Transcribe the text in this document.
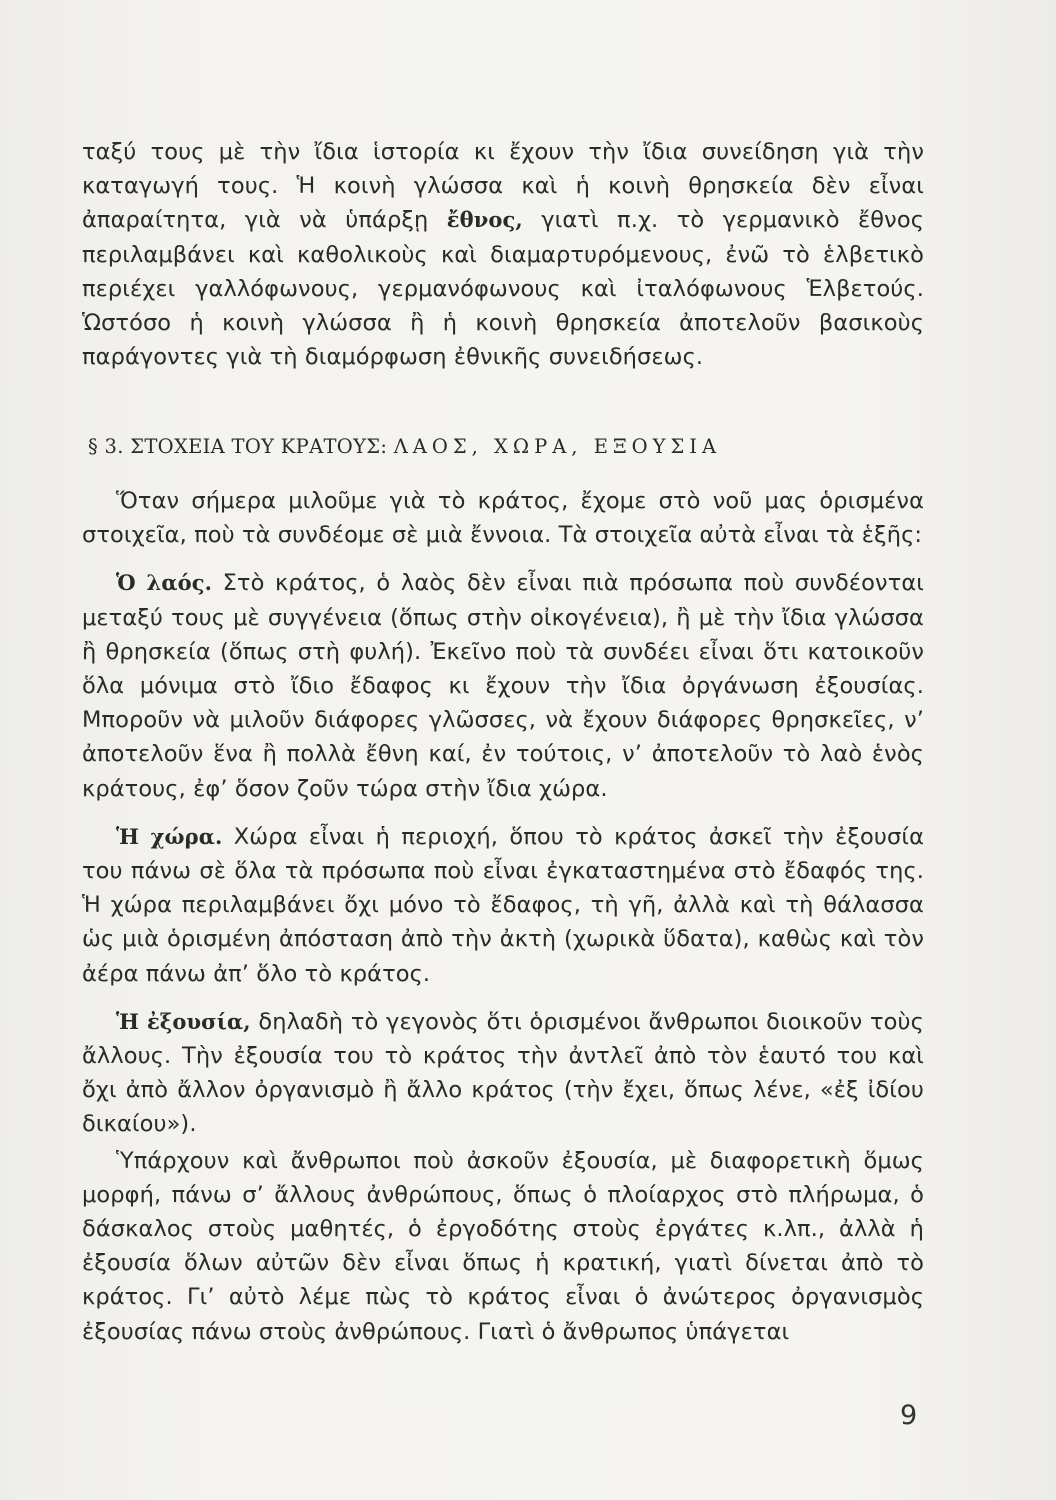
ταξύ τους μὲ τὴν ἴδια ἱστορία κι ἔχουν τὴν ἴδια συνείδηση γιὰ τὴν καταγωγή τους. Ἡ κοινὴ γλώσσα καὶ ἡ κοινὴ θρησκεία δὲν εἶναι ἀπαραίτητα, γιὰ νὰ ὑπάρξῃ ἔθνος, γιατὶ π.χ. τὸ γερμανικὸ ἔθνος περιλαμβάνει καὶ καθολικοὺς καὶ διαμαρτυρόμενους, ἐνῶ τὸ ἑλβετικὸ περιέχει γαλλόφωνους, γερμανόφωνους καὶ ἰταλόφωνους Ἑλβετούς. Ὡστόσο ἡ κοινὴ γλώσσα ἢ ἡ κοινὴ θρησκεία ἀποτελοῦν βασικοὺς παράγοντες γιὰ τὴ διαμόρφωση ἐθνικῆς συνειδήσεως.

§ 3. ΣΤΟΧΕΙΑ ΤΟΥ ΚΡΑΤΟΥΣ: ΛΑΟΣ, ΧΩΡΑ, ΕΞΟΥΣΙΑ

Ὅταν σήμερα μιλοῦμε γιὰ τὸ κράτος, ἔχομε στὸ νοῦ μας ὁρισμένα στοιχεῖα, ποὺ τὰ συνδέομε σὲ μιὰ ἔννοια. Τὰ στοιχεῖα αὐτὰ εἶναι τὰ ἑξῆς:

Ὁ λαός. Στὸ κράτος, ὁ λαὸς δὲν εἶναι πιὰ πρόσωπα ποὺ συνδέονται μεταξύ τους μὲ συγγένεια (ὅπως στὴν οἰκογένεια), ἢ μὲ τὴν ἴδια γλώσσα ἢ θρησκεία (ὅπως στὴ φυλή). Ἐκεῖνο ποὺ τὰ συνδέει εἶναι ὅτι κατοικοῦν ὅλα μόνιμα στὸ ἴδιο ἔδαφος κι ἔχουν τὴν ἴδια ὀργάνωση ἐξουσίας. Μποροῦν νὰ μιλοῦν διάφορες γλῶσσες, νὰ ἔχουν διάφορες θρησκεῖες, ν’ ἀποτελοῦν ἕνα ἢ πολλὰ ἔθνη καί, ἐν τούτοις, ν’ ἀποτελοῦν τὸ λαὸ ἑνὸς κράτους, ἐφ’ ὅσον ζοῦν τώρα στὴν ἴδια χώρα.

Ἡ χώρα. Χώρα εἶναι ἡ περιοχή, ὅπου τὸ κράτος ἀσκεῖ τὴν ἐξουσία του πάνω σὲ ὅλα τὰ πρόσωπα ποὺ εἶναι ἐγκαταστημένα στὸ ἔδαφός της. Ἡ χώρα περιλαμβάνει ὄχι μόνο τὸ ἔδαφος, τὴ γῆ, ἀλλὰ καὶ τὴ θάλασσα ὡς μιὰ ὁρισμένη ἀπόσταση ἀπὸ τὴν ἀκτὴ (χωρικὰ ὕδατα), καθὼς καὶ τὸν ἀέρα πάνω ἀπ’ ὅλο τὸ κράτος.

Ἡ ἐξουσία, δηλαδὴ τὸ γεγονὸς ὅτι ὁρισμένοι ἄνθρωποι διοικοῦν τοὺς ἄλλους. Τὴν ἐξουσία του τὸ κράτος τὴν ἀντλεῖ ἀπὸ τὸν ἑαυτό του καὶ ὄχι ἀπὸ ἄλλον ὀργανισμὸ ἢ ἄλλο κράτος (τὴν ἔχει, ὅπως λένε, «ἐξ ἰδίου δικαίου»).

Ὑπάρχουν καὶ ἄνθρωποι ποὺ ἀσκοῦν ἐξουσία, μὲ διαφορετικὴ ὅμως μορφή, πάνω σ’ ἄλλους ἀνθρώπους, ὅπως ὁ πλοίαρχος στὸ πλήρωμα, ὁ δάσκαλος στοὺς μαθητές, ὁ ἐργοδότης στοὺς ἐργάτες κ.λπ., ἀλλὰ ἡ ἐξουσία ὅλων αὐτῶν δὲν εἶναι ὅπως ἡ κρατική, γιατὶ δίνεται ἀπὸ τὸ κράτος. Γι’ αὐτὸ λέμε πὼς τὸ κράτος εἶναι ὁ ἀνώτερος ὀργανισμὸς ἐξουσίας πάνω στοὺς ἀνθρώπους. Γιατὶ ὁ ἄνθρωπος ὑπάγεται

9
